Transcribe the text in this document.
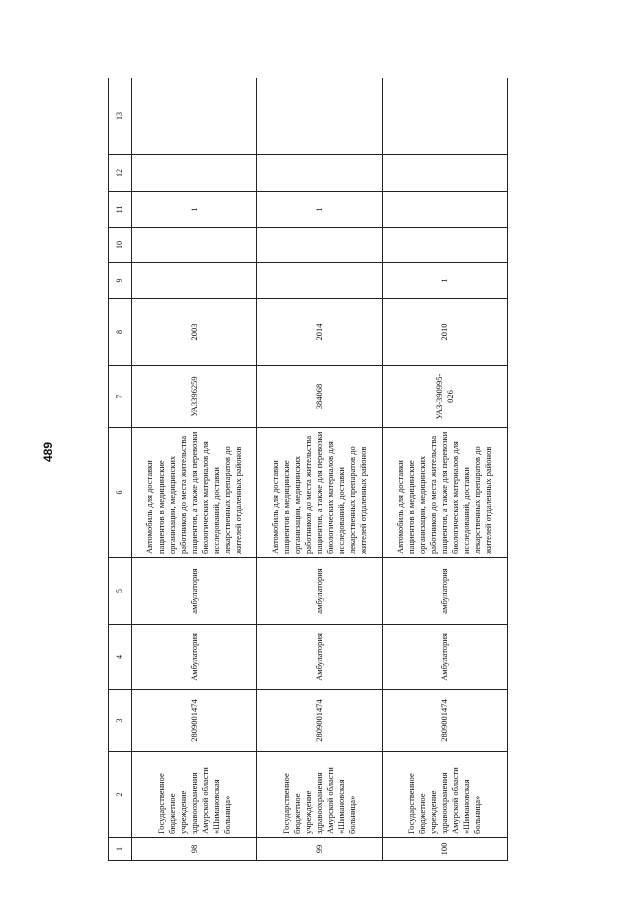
489
1	2	3	4	5	6	7	8	9	10	11	12	13
98	Государственное бюджетное учреждение здравоохранения Амурской области «Шимановская больница»	2809001474	Амбулатория	амбулатория	Автомобиль для доставки пациентов в медицинские организации, медицинских работников до места жительства пациентов, а также для перевозки биологических материалов для исследований, доставки лекарственных препаратов до жителей отдаленных районов	УА3396259	2003			1		
99	Государственное бюджетное учреждение здравоохранения Амурской области «Шимановская больница»	2809001474	Амбулатория	амбулатория	Автомобиль для доставки пациентов в медицинские организации, медицинских работников до места жительства пациентов, а также для перевозки биологических материалов для исследований, доставки лекарственных препаратов до жителей отдаленных районов	384068	2014			1		
100	Государственное бюджетное учреждение здравоохранения Амурской области «Шимановская больница»	2809001474	Амбулатория	амбулатория	Автомобиль для доставки пациентов в медицинские организации, медицинских работников до места жительства пациентов, а также для перевозки биологических материалов для исследований, доставки лекарственных препаратов до жителей отдаленных районов	УАЗ-390995-026	2010	1				
